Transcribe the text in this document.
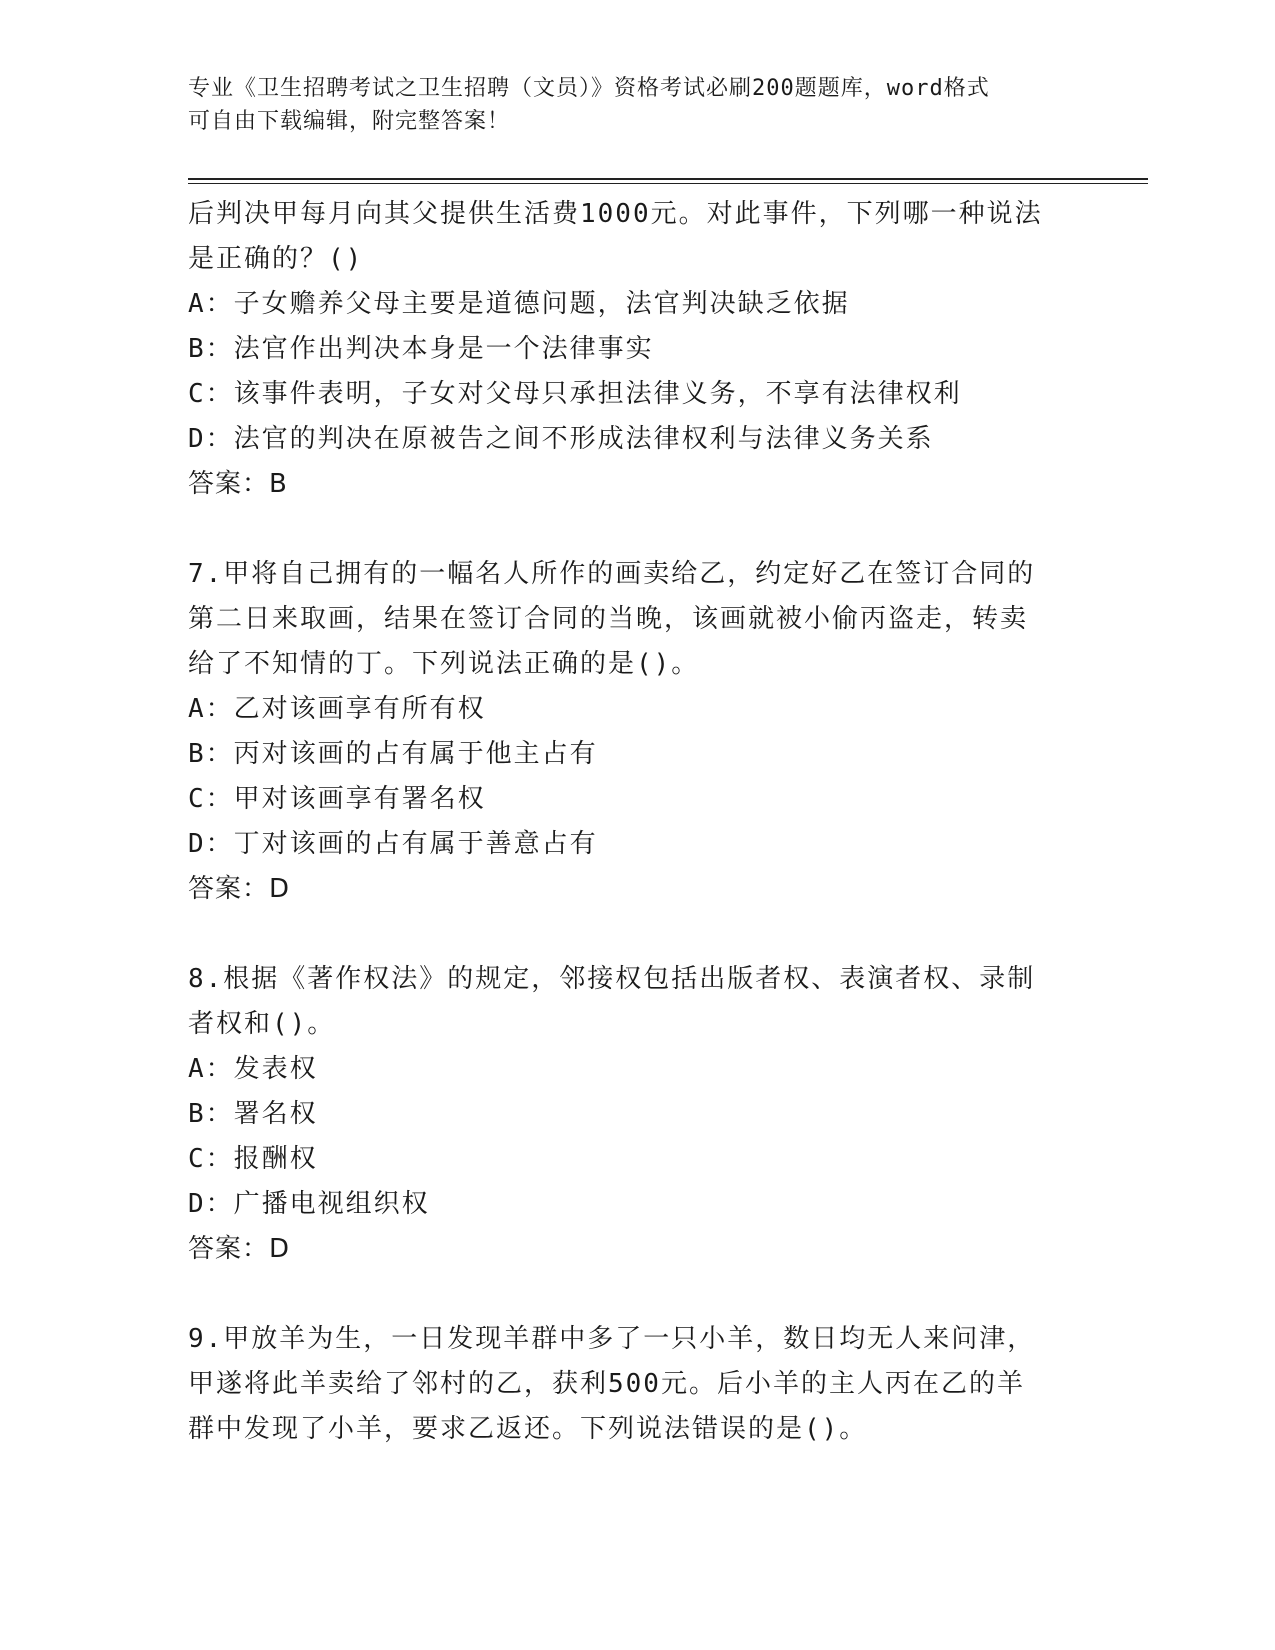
专业《卫生招聘考试之卫生招聘（文员）》资格考试必刷200题题库，word格式
可自由下载编辑，附完整答案！
后判决甲每月向其父提供生活费1000元。对此事件，下列哪一种说法
是正确的？()
A：子女赡养父母主要是道德问题，法官判决缺乏依据
B：法官作出判决本身是一个法律事实
C：该事件表明，子女对父母只承担法律义务，不享有法律权利
D：法官的判决在原被告之间不形成法律权利与法律义务关系
答案：B
7.甲将自己拥有的一幅名人所作的画卖给乙，约定好乙在签订合同的
第二日来取画，结果在签订合同的当晚，该画就被小偷丙盗走，转卖
给了不知情的丁。下列说法正确的是()。
A：乙对该画享有所有权
B：丙对该画的占有属于他主占有
C：甲对该画享有署名权
D：丁对该画的占有属于善意占有
答案：D
8.根据《著作权法》的规定，邻接权包括出版者权、表演者权、录制
者权和()。
A：发表权
B：署名权
C：报酬权
D：广播电视组织权
答案：D
9.甲放羊为生，一日发现羊群中多了一只小羊，数日均无人来问津，
甲遂将此羊卖给了邻村的乙，获利500元。后小羊的主人丙在乙的羊
群中发现了小羊，要求乙返还。下列说法错误的是()。
